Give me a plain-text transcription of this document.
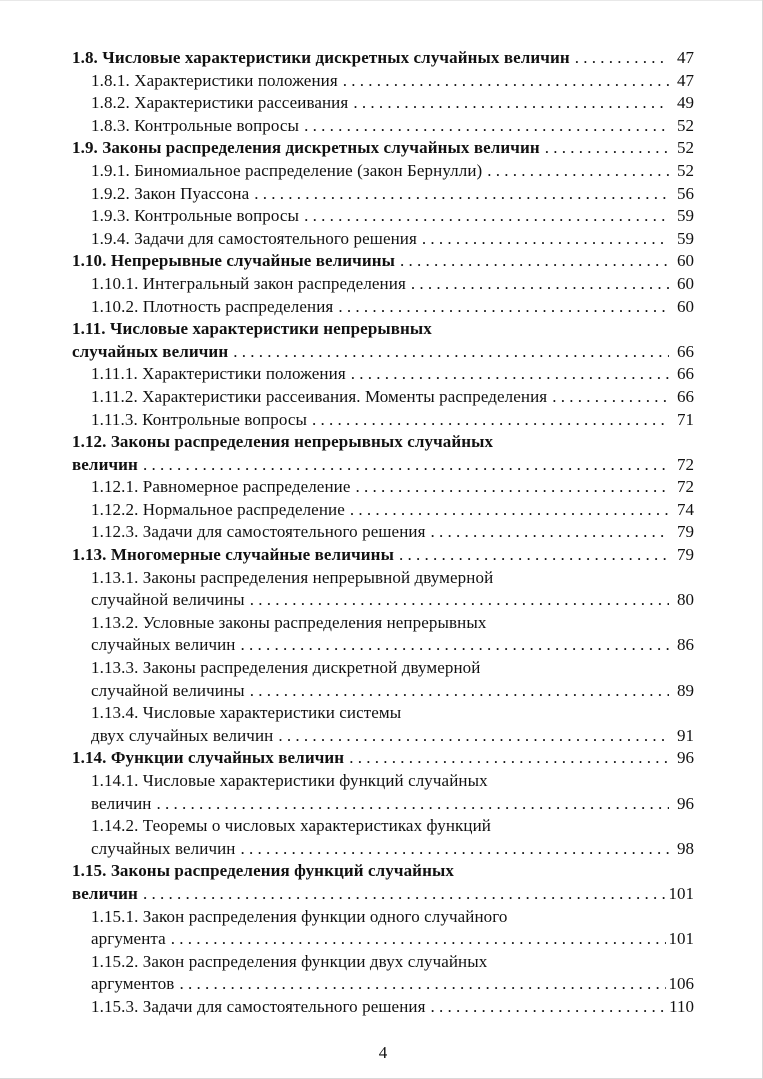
1.8. Числовые характеристики дискретных случайных величин . . .	47
1.8.1. Характеристики положения . . .	47
1.8.2. Характеристики рассеивания . . .	49
1.8.3. Контрольные вопросы . . .	52
1.9. Законы распределения дискретных случайных величин . . .	52
1.9.1. Биномиальное распределение (закон Бернулли) . . .	52
1.9.2. Закон Пуассона . . .	56
1.9.3. Контрольные вопросы . . .	59
1.9.4. Задачи для самостоятельного решения . . .	59
1.10. Непрерывные случайные величины . . .	60
1.10.1. Интегральный закон распределения . . .	60
1.10.2. Плотность распределения . . .	60
1.11. Числовые характеристики непрерывных
случайных величин . . .	66
1.11.1. Характеристики положения . . .	66
1.11.2. Характеристики рассеивания. Моменты распределения . . .	66
1.11.3. Контрольные вопросы . . .	71
1.12. Законы распределения непрерывных случайных
величин . . .	72
1.12.1. Равномерное распределение . . .	72
1.12.2. Нормальное распределение . . .	74
1.12.3. Задачи для самостоятельного решения . . .	79
1.13. Многомерные случайные величины . . .	79
1.13.1. Законы распределения непрерывной двумерной
случайной величины . . .	80
1.13.2. Условные законы распределения непрерывных
случайных величин . . .	86
1.13.3. Законы распределения дискретной двумерной
случайной величины . . .	89
1.13.4. Числовые характеристики системы
двух случайных величин . . .	91
1.14. Функции случайных величин . . .	96
1.14.1. Числовые характеристики функций случайных
величин . . .	96
1.14.2. Теоремы о числовых характеристиках функций
случайных величин . . .	98
1.15. Законы распределения функций случайных
величин . . .	101
1.15.1. Закон распределения функции одного случайного
аргумента . . .	101
1.15.2. Закон распределения функции двух случайных
аргументов . . .	106
1.15.3. Задачи для самостоятельного решения . . .	110
4
